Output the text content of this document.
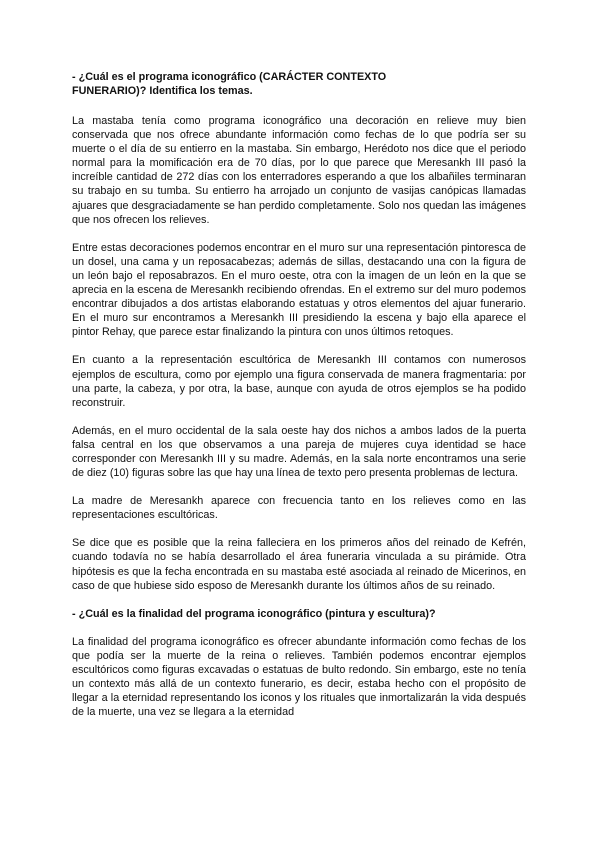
- ¿Cuál es el programa iconográfico (CARÁCTER CONTEXTO
FUNERARIO)? Identifica los temas.

La mastaba tenía como programa iconográfico una decoración en relieve muy bien conservada que nos ofrece abundante información como fechas de lo que podría ser su muerte o el día de su entierro en la mastaba. Sin embargo, Herédoto nos dice que el periodo normal para la momificación era de 70 días, por lo que parece que Meresankh III pasó la increíble cantidad de 272 días con los enterradores esperando a que los albañiles terminaran su trabajo en su tumba. Su entierro ha arrojado un conjunto de vasijas canópicas llamadas ajuares que desgraciadamente se han perdido completamente. Solo nos quedan las imágenes que nos ofrecen los relieves.

Entre estas decoraciones podemos encontrar en el muro sur una representación pintoresca de un dosel, una cama y un reposacabezas; además de sillas, destacando una con la figura de un león bajo el reposabrazos. En el muro oeste, otra con la imagen de un león en la que se aprecia en la escena de Meresankh recibiendo ofrendas. En el extremo sur del muro podemos encontrar dibujados a dos artistas elaborando estatuas y otros elementos del ajuar funerario. En el muro sur encontramos a Meresankh III presidiendo la escena y bajo ella aparece el pintor Rehay, que parece estar finalizando la pintura con unos últimos retoques.

En cuanto a la representación escultórica de Meresankh III contamos con numerosos ejemplos de escultura, como por ejemplo una figura conservada de manera fragmentaria: por una parte, la cabeza, y por otra, la base, aunque con ayuda de otros ejemplos se ha podido reconstruir.

Además, en el muro occidental de la sala oeste hay dos nichos a ambos lados de la puerta falsa central en los que observamos a una pareja de mujeres cuya identidad se hace corresponder con Meresankh III y su madre. Además, en la sala norte encontramos una serie de diez (10) figuras sobre las que hay una línea de texto pero presenta problemas de lectura.

La madre de Meresankh aparece con frecuencia tanto en los relieves como en las representaciones escultóricas.

Se dice que es posible que la reina falleciera en los primeros años del reinado de Kefrén, cuando todavía no se había desarrollado el área funeraria vinculada a su pirámide. Otra hipótesis es que la fecha encontrada en su mastaba esté asociada al reinado de Micerinos, en caso de que hubiese sido esposo de Meresankh durante los últimos años de su reinado.

- ¿Cuál es la finalidad del programa iconográfico (pintura y escultura)?

La finalidad del programa iconográfico es ofrecer abundante información como fechas de los que podía ser la muerte de la reina o relieves. También podemos encontrar ejemplos escultóricos como figuras excavadas o estatuas de bulto redondo. Sin embargo, este no tenía un contexto más allá de un contexto funerario, es decir, estaba hecho con el propósito de llegar a la eternidad representando los iconos y los rituales que inmortalizarán la vida después de la muerte, una vez se llegara a la eternidad
